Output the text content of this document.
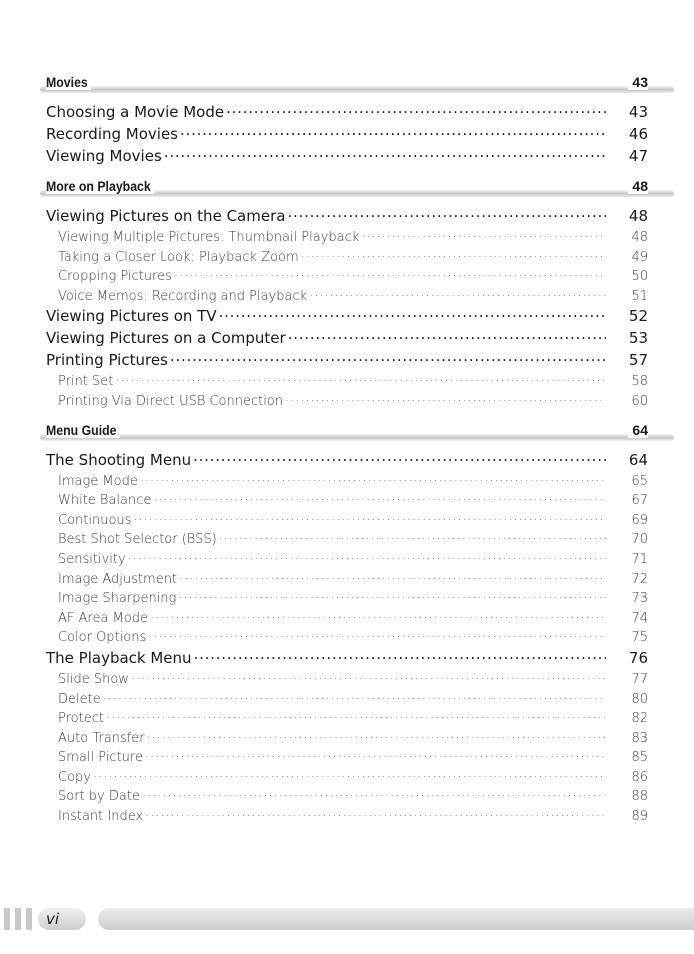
Movies	43
Choosing a Movie Mode . . .	43
Recording Movies . . .	46
Viewing Movies . . .	47
More on Playback	48
Viewing Pictures on the Camera . . .	48
Viewing Multiple Pictures: Thumbnail Playback . . .	48
Taking a Closer Look: Playback Zoom . . .	49
Cropping Pictures . . .	50
Voice Memos: Recording and Playback . . .	51
Viewing Pictures on TV . . .	52
Viewing Pictures on a Computer . . .	53
Printing Pictures . . .	57
Print Set . . .	58
Printing Via Direct USB Connection . . .	60
Menu Guide	64
The Shooting Menu . . .	64
Image Mode . . .	65
White Balance . . .	67
Continuous . . .	69
Best Shot Selector (BSS) . . .	70
Sensitivity . . .	71
Image Adjustment . . .	72
Image Sharpening . . .	73
AF Area Mode . . .	74
Color Options . . .	75
The Playback Menu . . .	76
Slide Show . . .	77
Delete . . .	80
Protect . . .	82
Auto Transfer . . .	83
Small Picture . . .	85
Copy . . .	86
Sort by Date . . .	88
Instant Index . . .	89
vi
